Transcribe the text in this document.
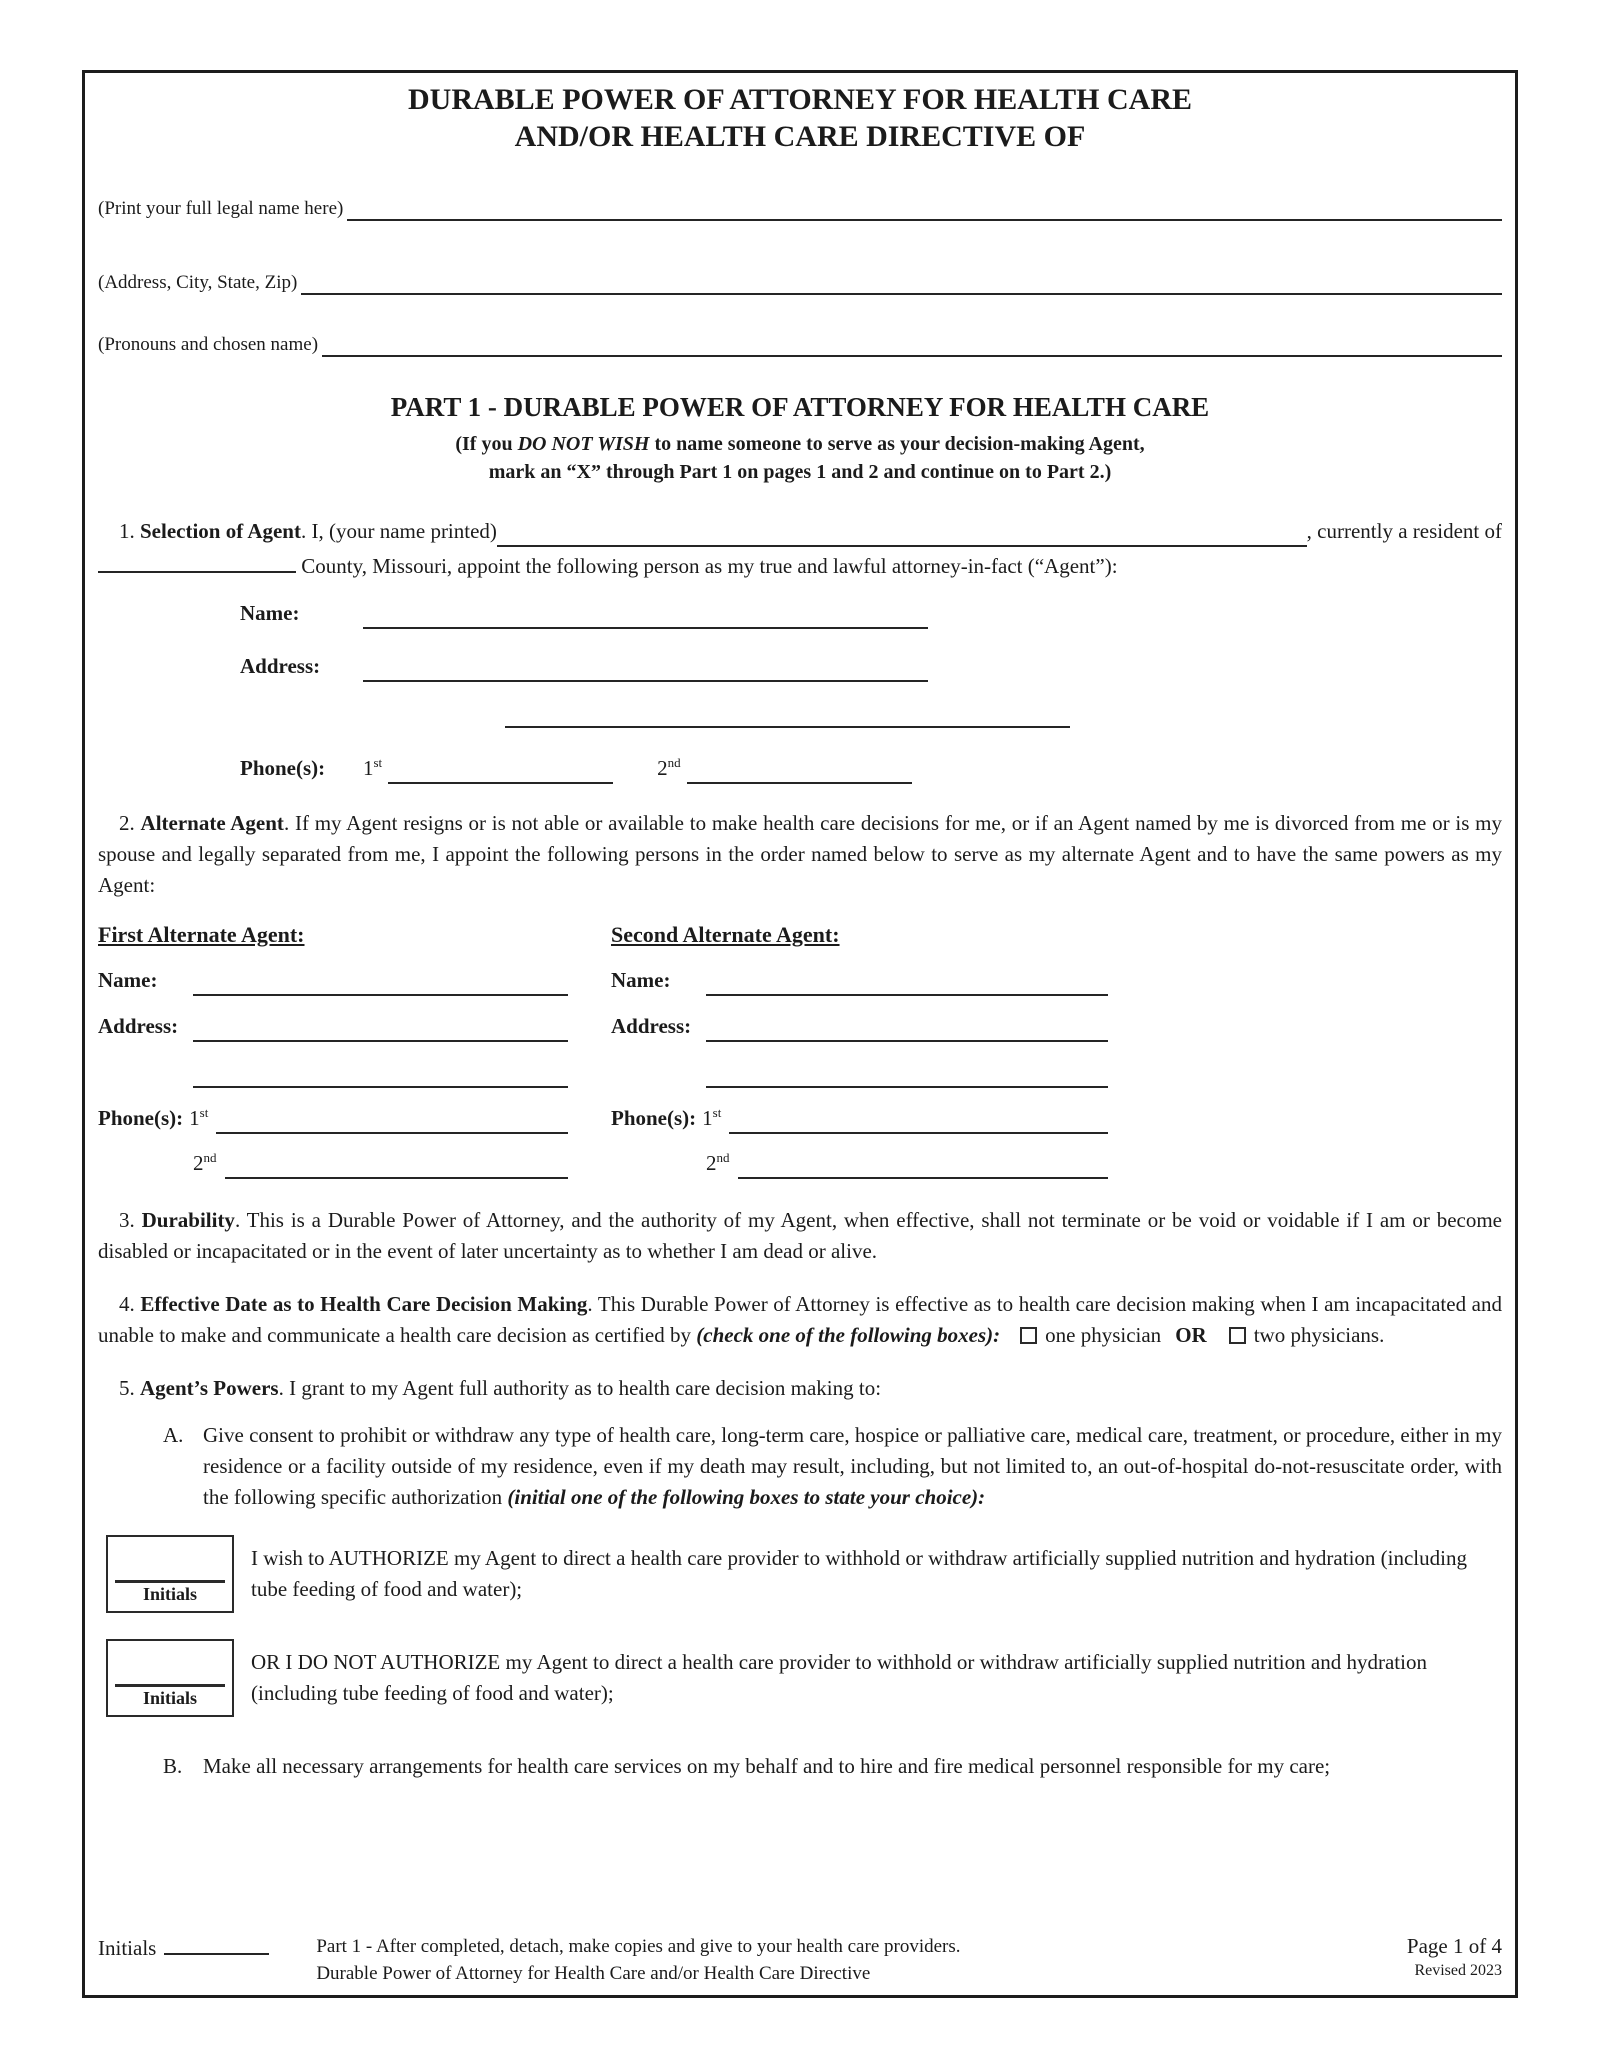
DURABLE POWER OF ATTORNEY FOR HEALTH CARE
AND/OR HEALTH CARE DIRECTIVE OF
(Print your full legal name here)
(Address, City, State, Zip)
(Pronouns and chosen name)
PART 1 - DURABLE POWER OF ATTORNEY FOR HEALTH CARE
(If you DO NOT WISH to name someone to serve as your decision-making Agent,
mark an “X” through Part 1 on pages 1 and 2 and continue on to Part 2.)
1. Selection of Agent. I, (your name printed)	, currently a resident of
County, Missouri, appoint the following person as my true and lawful attorney-in-fact (“Agent”):
Name:
Address:
Phone(s):	1st	2nd

2. Alternate Agent. If my Agent resigns or is not able or available to make health care decisions for me, or if an Agent named by me is divorced from me or is my spouse and legally separated from me, I appoint the following persons in the order named below to serve as my alternate Agent and to have the same powers as my Agent:

First Alternate Agent:
Name:
Address:
Phone(s): 1st
2nd
Second Alternate Agent:
Name:
Address:
Phone(s): 1st
2nd

3. Durability. This is a Durable Power of Attorney, and the authority of my Agent, when effective, shall not terminate or be void or voidable if I am or become disabled or incapacitated or in the event of later uncertainty as to whether I am dead or alive.

4. Effective Date as to Health Care Decision Making. This Durable Power of Attorney is effective as to health care decision making when I am incapacitated and unable to make and communicate a health care decision as certified by (check one of the following boxes): one physician OR two physicians.

5. Agent’s Powers. I grant to my Agent full authority as to health care decision making to:

A. Give consent to prohibit or withdraw any type of health care, long-term care, hospice or palliative care, medical care, treatment, or procedure, either in my residence or a facility outside of my residence, even if my death may result, including, but not limited to, an out-of-hospital do-not-resuscitate order, with the following specific authorization (initial one of the following boxes to state your choice):
Initials
I wish to AUTHORIZE my Agent to direct a health care provider to withhold or withdraw artificially supplied nutrition and hydration (including tube feeding of food and water);
Initials
OR I DO NOT AUTHORIZE my Agent to direct a health care provider to withhold or withdraw artificially supplied nutrition and hydration (including tube feeding of food and water);
B. Make all necessary arrangements for health care services on my behalf and to hire and fire medical personnel responsible for my care;
Initials	Part 1 - After completed, detach, make copies and give to your health care providers.
Durable Power of Attorney for Health Care and/or Health Care Directive
Page 1 of 4
Revised 2023
